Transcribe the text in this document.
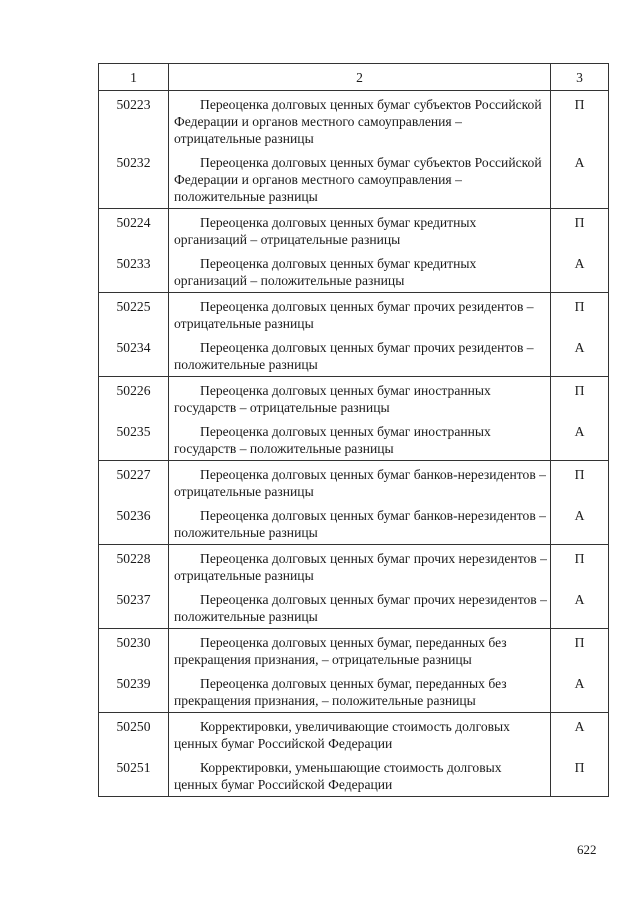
1	2	3
50223	Переоценка долговых ценных бумаг субъектов Российской Федерации и органов местного самоуправления – отрицательные разницы	П
50232	Переоценка долговых ценных бумаг субъектов Российской Федерации и органов местного самоуправления – положительные разницы	А
50224	Переоценка долговых ценных бумаг кредитных организаций – отрицательные разницы	П
50233	Переоценка долговых ценных бумаг кредитных организаций – положительные разницы	А
50225	Переоценка долговых ценных бумаг прочих резидентов – отрицательные разницы	П
50234	Переоценка долговых ценных бумаг прочих резидентов – положительные разницы	А
50226	Переоценка долговых ценных бумаг иностранных государств – отрицательные разницы	П
50235	Переоценка долговых ценных бумаг иностранных государств – положительные разницы	А
50227	Переоценка долговых ценных бумаг банков-нерезидентов – отрицательные разницы	П
50236	Переоценка долговых ценных бумаг банков-нерезидентов – положительные разницы	А
50228	Переоценка долговых ценных бумаг прочих нерезидентов – отрицательные разницы	П
50237	Переоценка долговых ценных бумаг прочих нерезидентов – положительные разницы	А
50230	Переоценка долговых ценных бумаг, переданных без прекращения признания, – отрицательные разницы	П
50239	Переоценка долговых ценных бумаг, переданных без прекращения признания, – положительные разницы	А
50250	Корректировки, увеличивающие стоимость долговых ценных бумаг Российской Федерации	А
50251	Корректировки, уменьшающие стоимость долговых ценных бумаг Российской Федерации	П
622
